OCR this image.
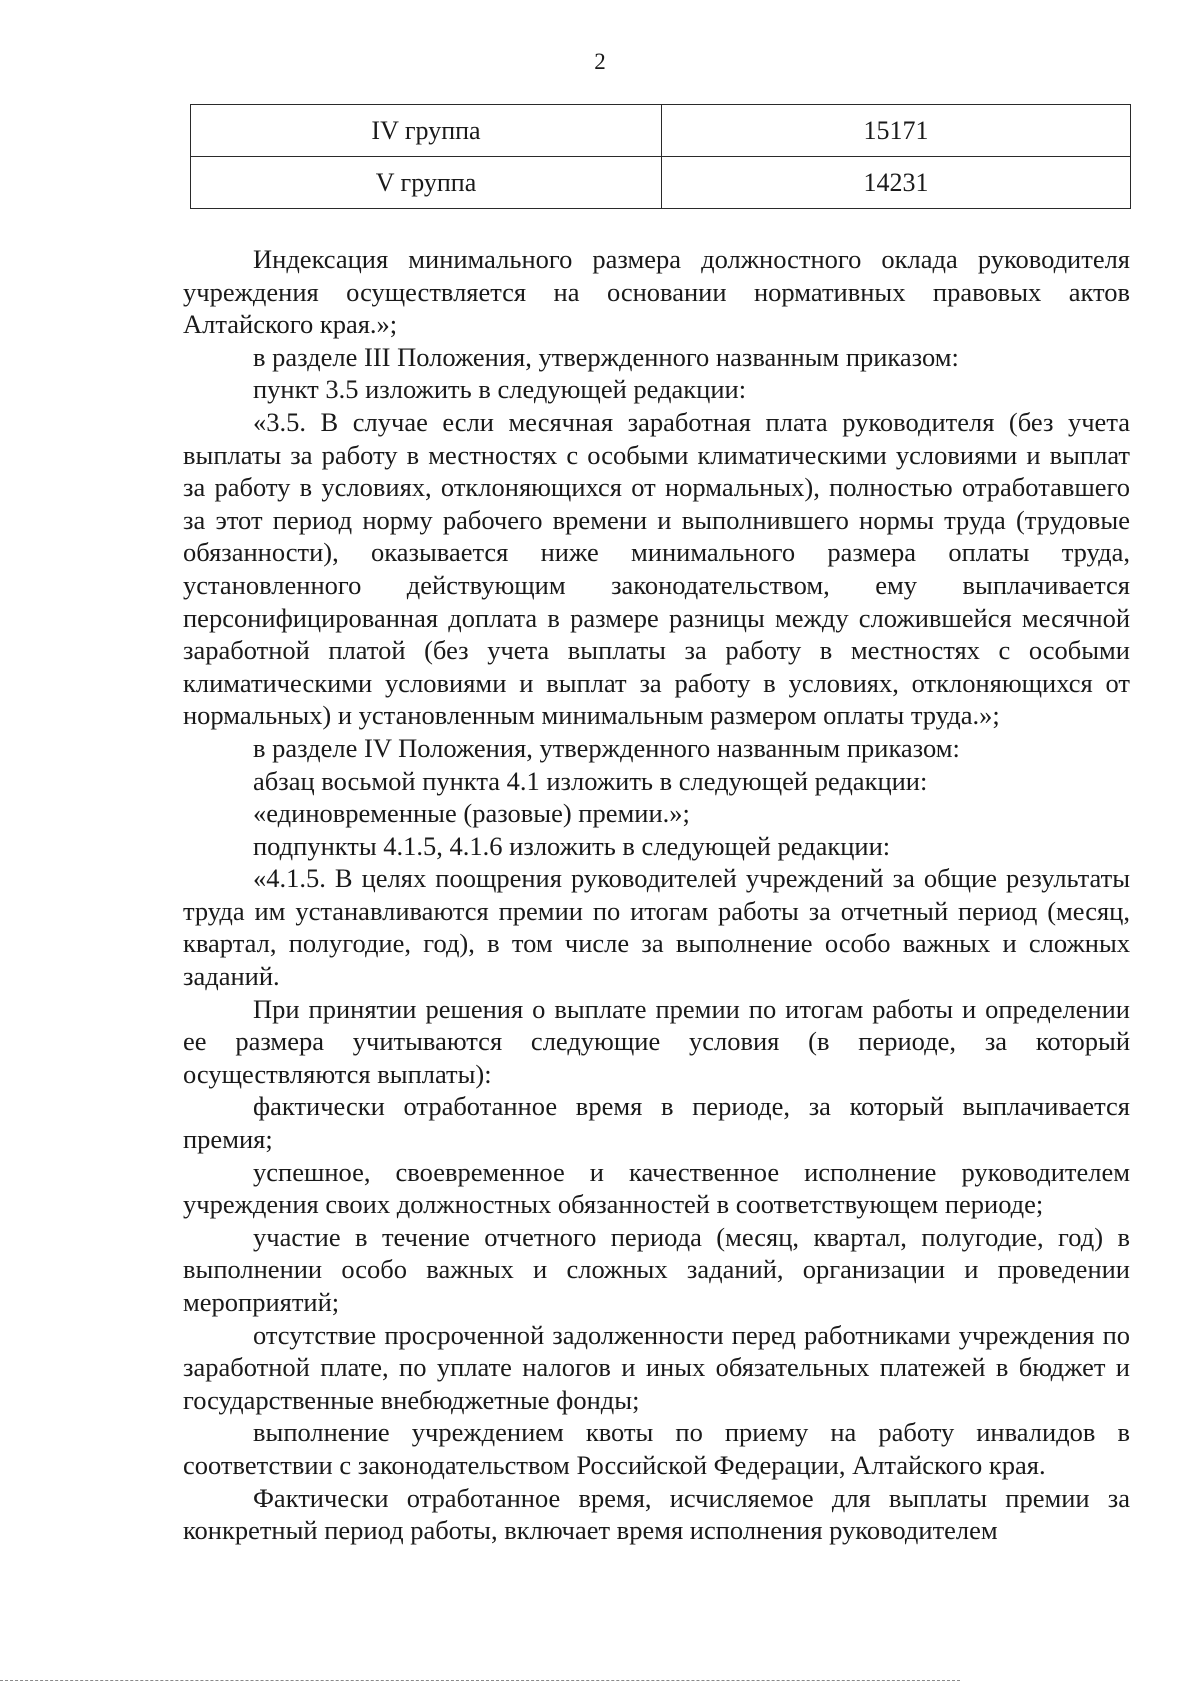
2
IV группа	15171
V группа	14231

Индексация минимального размера должностного оклада руководителя учреждения осуществляется на основании нормативных правовых актов Алтайского края.»;

в разделе III Положения, утвержденного названным приказом:

пункт 3.5 изложить в следующей редакции:

«3.5. В случае если месячная заработная плата руководителя (без учета выплаты за работу в местностях с особыми климатическими условиями и выплат за работу в условиях, отклоняющихся от нормальных), полностью отработавшего за этот период норму рабочего времени и выполнившего нормы труда (трудовые обязанности), оказывается ниже минимального размера оплаты труда, установленного действующим законодательством, ему выплачивается персонифицированная доплата в размере разницы между сложившейся месячной заработной платой (без учета выплаты за работу в местностях с особыми климатическими условиями и выплат за работу в условиях, отклоняющихся от нормальных) и установленным минимальным размером оплаты труда.»;

в разделе IV Положения, утвержденного названным приказом:

абзац восьмой пункта 4.1 изложить в следующей редакции:

«единовременные (разовые) премии.»;

подпункты 4.1.5, 4.1.6 изложить в следующей редакции:

«4.1.5. В целях поощрения руководителей учреждений за общие результаты труда им устанавливаются премии по итогам работы за отчетный период (месяц, квартал, полугодие, год), в том числе за выполнение особо важных и сложных заданий.

При принятии решения о выплате премии по итогам работы и определении ее размера учитываются следующие условия (в периоде, за который осуществляются выплаты):

фактически отработанное время в периоде, за который выплачивается премия;

успешное, своевременное и качественное исполнение руководителем учреждения своих должностных обязанностей в соответствующем периоде;

участие в течение отчетного периода (месяц, квартал, полугодие, год) в выполнении особо важных и сложных заданий, организации и проведении мероприятий;

отсутствие просроченной задолженности перед работниками учреждения по заработной плате, по уплате налогов и иных обязательных платежей в бюджет и государственные внебюджетные фонды;

выполнение учреждением квоты по приему на работу инвалидов в соответствии с законодательством Российской Федерации, Алтайского края.

Фактически отработанное время, исчисляемое для выплаты премии за конкретный период работы, включает время исполнения руководителем
